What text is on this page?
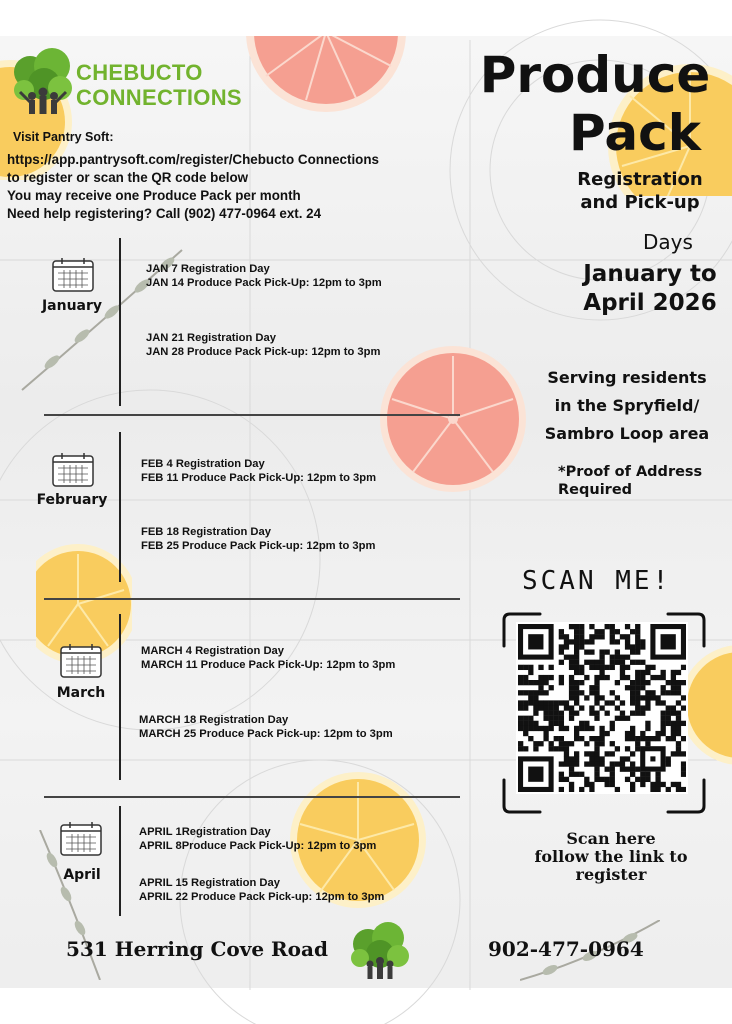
CHEBUCTO
CONNECTIONS
Visit Pantry Soft:
https://app.pantrysoft.com/register/Chebucto Connections
to register or scan the QR code below
You may receive one Produce Pack per month
Need help registering? Call (902) 477-0964 ext. 24
Produce
Pack
Registration
and Pick-up
Days
January to
April 2026
Serving residents
in the Spryfield/
Sambro Loop area
*Proof of Address
Required
January
February
March
April
JAN 7 Registration Day
JAN 14 Produce Pack Pick-Up: 12pm to 3pm
JAN 21 Registration Day
JAN 28 Produce Pack Pick-up: 12pm to 3pm
FEB 4 Registration Day
FEB 11 Produce Pack Pick-Up: 12pm to 3pm
FEB 18 Registration Day
FEB 25 Produce Pack Pick-up: 12pm to 3pm
MARCH 4 Registration Day
MARCH 11 Produce Pack Pick-Up: 12pm to 3pm
MARCH 18 Registration Day
MARCH 25 Produce Pack Pick-up: 12pm to 3pm
APRIL 1Registration Day
APRIL 8Produce Pack Pick-Up: 12pm to 3pm
APRIL 15 Registration Day
APRIL 22 Produce Pack Pick-up: 12pm to 3pm
SCAN ME!
Scan here
follow the link to
register
531 Herring Cove Road	902-477-0964
